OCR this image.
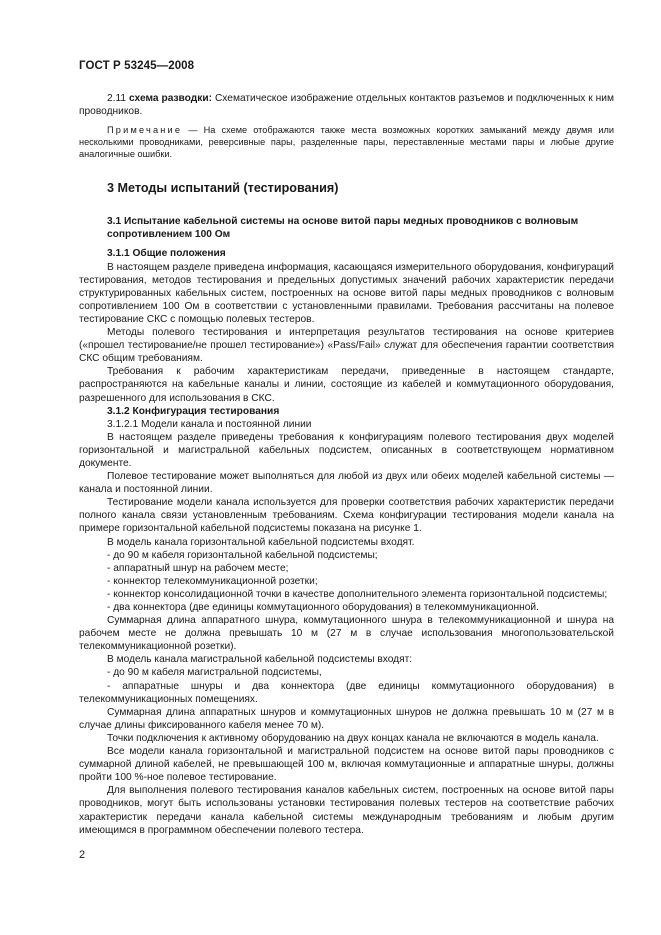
ГОСТ Р 53245—2008

2.11 схема разводки: Схематическое изображение отдельных контактов разъемов и подключенных к ним проводников.

Примечание — На схеме отображаются также места возможных коротких замыканий между двумя или несколькими проводниками, реверсивные пары, разделенные пары, переставленные местами пары и любые другие аналогичные ошибки.

3 Методы испытаний (тестирования)

3.1 Испытание кабельной системы на основе витой пары медных проводников с волновым сопротивлением 100 Ом

3.1.1 Общие положения

В настоящем разделе приведена информация, касающаяся измерительного оборудования, конфигураций тестирования, методов тестирования и предельных допустимых значений рабочих характеристик передачи структурированных кабельных систем, построенных на основе витой пары медных проводников с волновым сопротивлением 100 Ом в соответствии с установленными правилами. Требования рассчитаны на полевое тестирование СКС с помощью полевых тестеров.

Методы полевого тестирования и интерпретация результатов тестирования на основе критериев («прошел тестирование/не прошел тестирование») «Pass/Fail» служат для обеспечения гарантии соответствия СКС общим требованиям.

Требования к рабочим характеристикам передачи, приведенные в настоящем стандарте, распространяются на кабельные каналы и линии, состоящие из кабелей и коммутационного оборудования, разрешенного для использования в СКС.

3.1.2 Конфигурация тестирования

3.1.2.1 Модели канала и постоянной линии

В настоящем разделе приведены требования к конфигурациям полевого тестирования двух моделей горизонтальной и магистральной кабельных подсистем, описанных в соответствующем нормативном документе.

Полевое тестирование может выполняться для любой из двух или обеих моделей кабельной системы — канала и постоянной линии.

Тестирование модели канала используется для проверки соответствия рабочих характеристик передачи полного канала связи установленным требованиям. Схема конфигурации тестирования модели канала на примере горизонтальной кабельной подсистемы показана на рисунке 1.

В модель канала горизонтальной кабельной подсистемы входят.

- до 90 м кабеля горизонтальной кабельной подсистемы;

- аппаратный шнур на рабочем месте;

- коннектор телекоммуникационной розетки;

- коннектор консолидационной точки в качестве дополнительного элемента горизонтальной подсистемы;

- два коннектора (две единицы коммутационного оборудования) в телекоммуникационной.

Суммарная длина аппаратного шнура, коммутационного шнура в телекоммуникационной и шнура на рабочем месте не должна превышать 10 м (27 м в случае использования многопользовательской телекоммуникационной розетки).

В модель канала магистральной кабельной подсистемы входят:

- до 90 м кабеля магистральной подсистемы,

- аппаратные шнуры и два коннектора (две единицы коммутационного оборудования) в телекоммуникационных помещениях.

Суммарная длина аппаратных шнуров и коммутационных шнуров не должна превышать 10 м (27 м в случае длины фиксированного кабеля менее 70 м).

Точки подключения к активному оборудованию на двух концах канала не включаются в модель канала.

Все модели канала горизонтальной и магистральной подсистем на основе витой пары проводников с суммарной длиной кабелей, не превышающей 100 м, включая коммутационные и аппаратные шнуры, должны пройти 100 %-ное полевое тестирование.

Для выполнения полевого тестирования каналов кабельных систем, построенных на основе витой пары проводников, могут быть использованы установки тестирования полевых тестеров на соответствие рабочих характеристик передачи канала кабельной системы международным требованиям и любым другим имеющимся в программном обеспечении полевого тестера.

2
